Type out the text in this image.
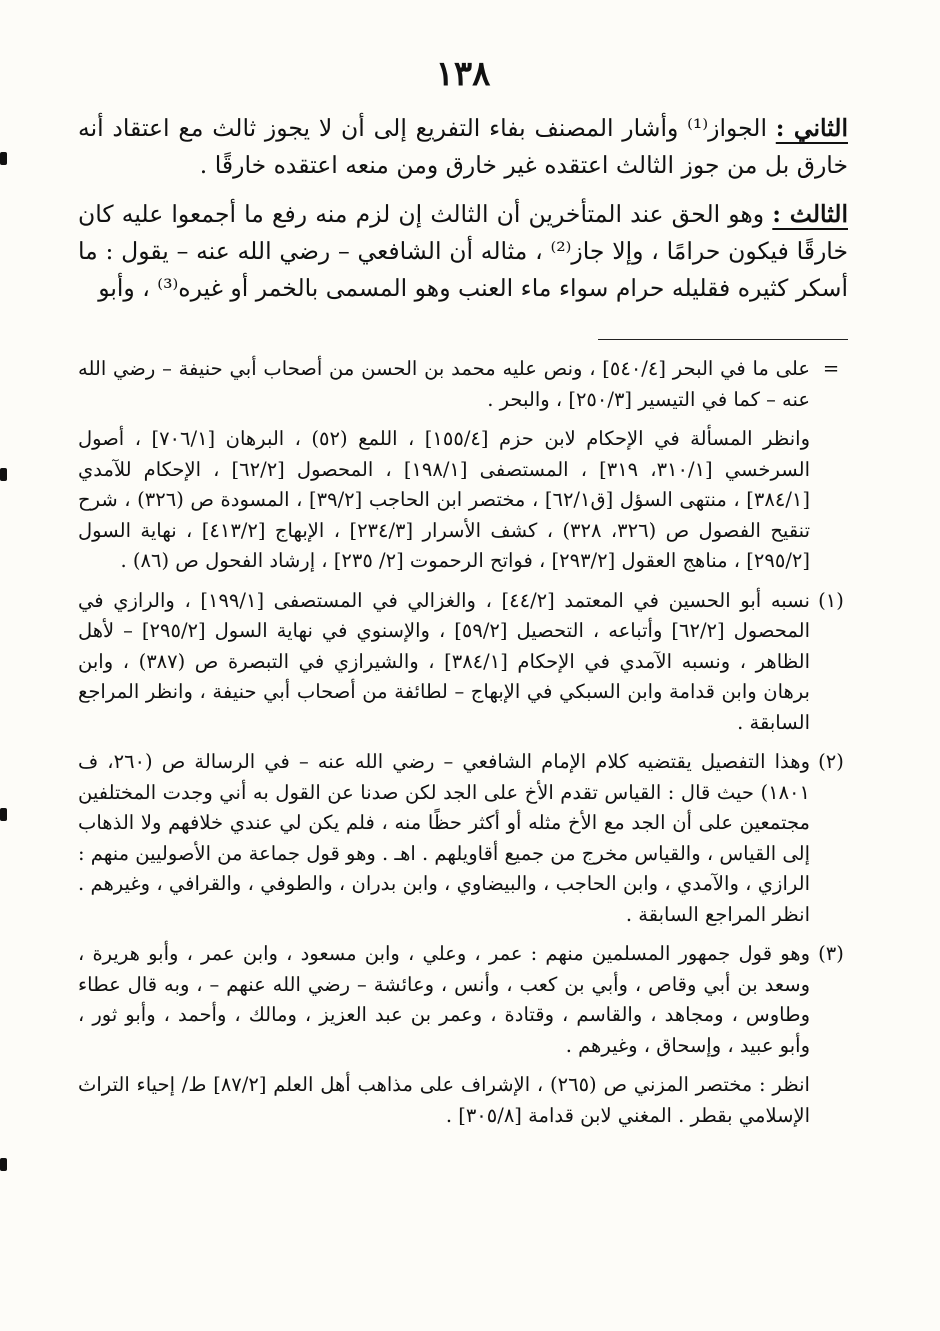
١٣٨

الثاني : الجواز⁽¹⁾ وأشار المصنف بفاء التفريع إلى أن لا يجوز ثالث مع اعتقاد أنه خارق بل من جوز الثالث اعتقده غير خارق ومن منعه اعتقده خارقًا .

الثالث : وهو الحق عند المتأخرين أن الثالث إن لزم منه رفع ما أجمعوا عليه كان خارقًا فيكون حرامًا ، وإلا جاز⁽²⁾ ، مثاله أن الشافعي – رضي الله عنه – يقول : ما أسكر كثيره فقليله حرام سواء ماء العنب وهو المسمى بالخمر أو غيره⁽³⁾ ، وأبو

=
على ما في البحر [٥٤٠/٤] ، ونص عليه محمد بن الحسن من أصحاب أبي حنيفة – رضي الله عنه – كما في التيسير [٢٥٠/٣] ، والبحر .
وانظر المسألة في الإحكام لابن حزم [١٥٥/٤] ، اللمع (٥٢) ، البرهان [٧٠٦/١] ، أصول السرخسي [٣١٠/١، ٣١٩] ، المستصفى [١٩٨/١] ، المحصول [٦٢/٢] ، الإحكام للآمدي [٣٨٤/١] ، منتهى السؤل [ق٦٢/١] ، مختصر ابن الحاجب [٣٩/٢] ، المسودة ص (٣٢٦) ، شرح تنقيح الفصول ص (٣٢٦، ٣٢٨) ، كشف الأسرار [٢٣٤/٣] ، الإبهاج [٤١٣/٢] ، نهاية السول [٢٩٥/٢] ، مناهج العقول [٢٩٣/٢] ، فواتح الرحموت [٢/ ٢٣٥] ، إرشاد الفحول ص (٨٦) .
(١)
نسبه أبو الحسين في المعتمد [٤٤/٢] ، والغزالي في المستصفى [١٩٩/١] ، والرازي في المحصول [٦٢/٢] وأتباعه ، التحصيل [٥٩/٢] ، والإسنوي في نهاية السول [٢٩٥/٢] – لأهل الظاهر ، ونسبه الآمدي في الإحكام [٣٨٤/١] ، والشيرازي في التبصرة ص (٣٨٧) ، وابن برهان وابن قدامة وابن السبكي في الإبهاج – لطائفة من أصحاب أبي حنيفة ، وانظر المراجع السابقة .
(٢)
وهذا التفصيل يقتضيه كلام الإمام الشافعي – رضي الله عنه – في الرسالة ص (٢٦٠، ف ١٨٠١) حيث قال : القياس تقدم الأخ على الجد لكن صدنا عن القول به أني وجدت المختلفين مجتمعين على أن الجد مع الأخ مثله أو أكثر حظًا منه ، فلم يكن لي عندي خلافهم ولا الذهاب إلى القياس ، والقياس مخرج من جميع أقاويلهم . اهـ . وهو قول جماعة من الأصوليين منهم : الرازي ، والآمدي ، وابن الحاجب ، والبيضاوي ، وابن بدران ، والطوفي ، والقرافي ، وغيرهم . انظر المراجع السابقة .
(٣)
وهو قول جمهور المسلمين منهم : عمر ، وعلي ، وابن مسعود ، وابن عمر ، وأبو هريرة ، وسعد بن أبي وقاص ، وأبي بن كعب ، وأنس ، وعائشة – رضي الله عنهم – ، وبه قال عطاء وطاوس ، ومجاهد ، والقاسم ، وقتادة ، وعمر بن عبد العزيز ، ومالك ، وأحمد ، وأبو ثور ، وأبو عبيد ، وإسحاق ، وغيرهم .
انظر : مختصر المزني ص (٢٦٥) ، الإشراف على مذاهب أهل العلم [٨٧/٢] ط/ إحياء التراث الإسلامي بقطر . المغني لابن قدامة [٣٠٥/٨] .
